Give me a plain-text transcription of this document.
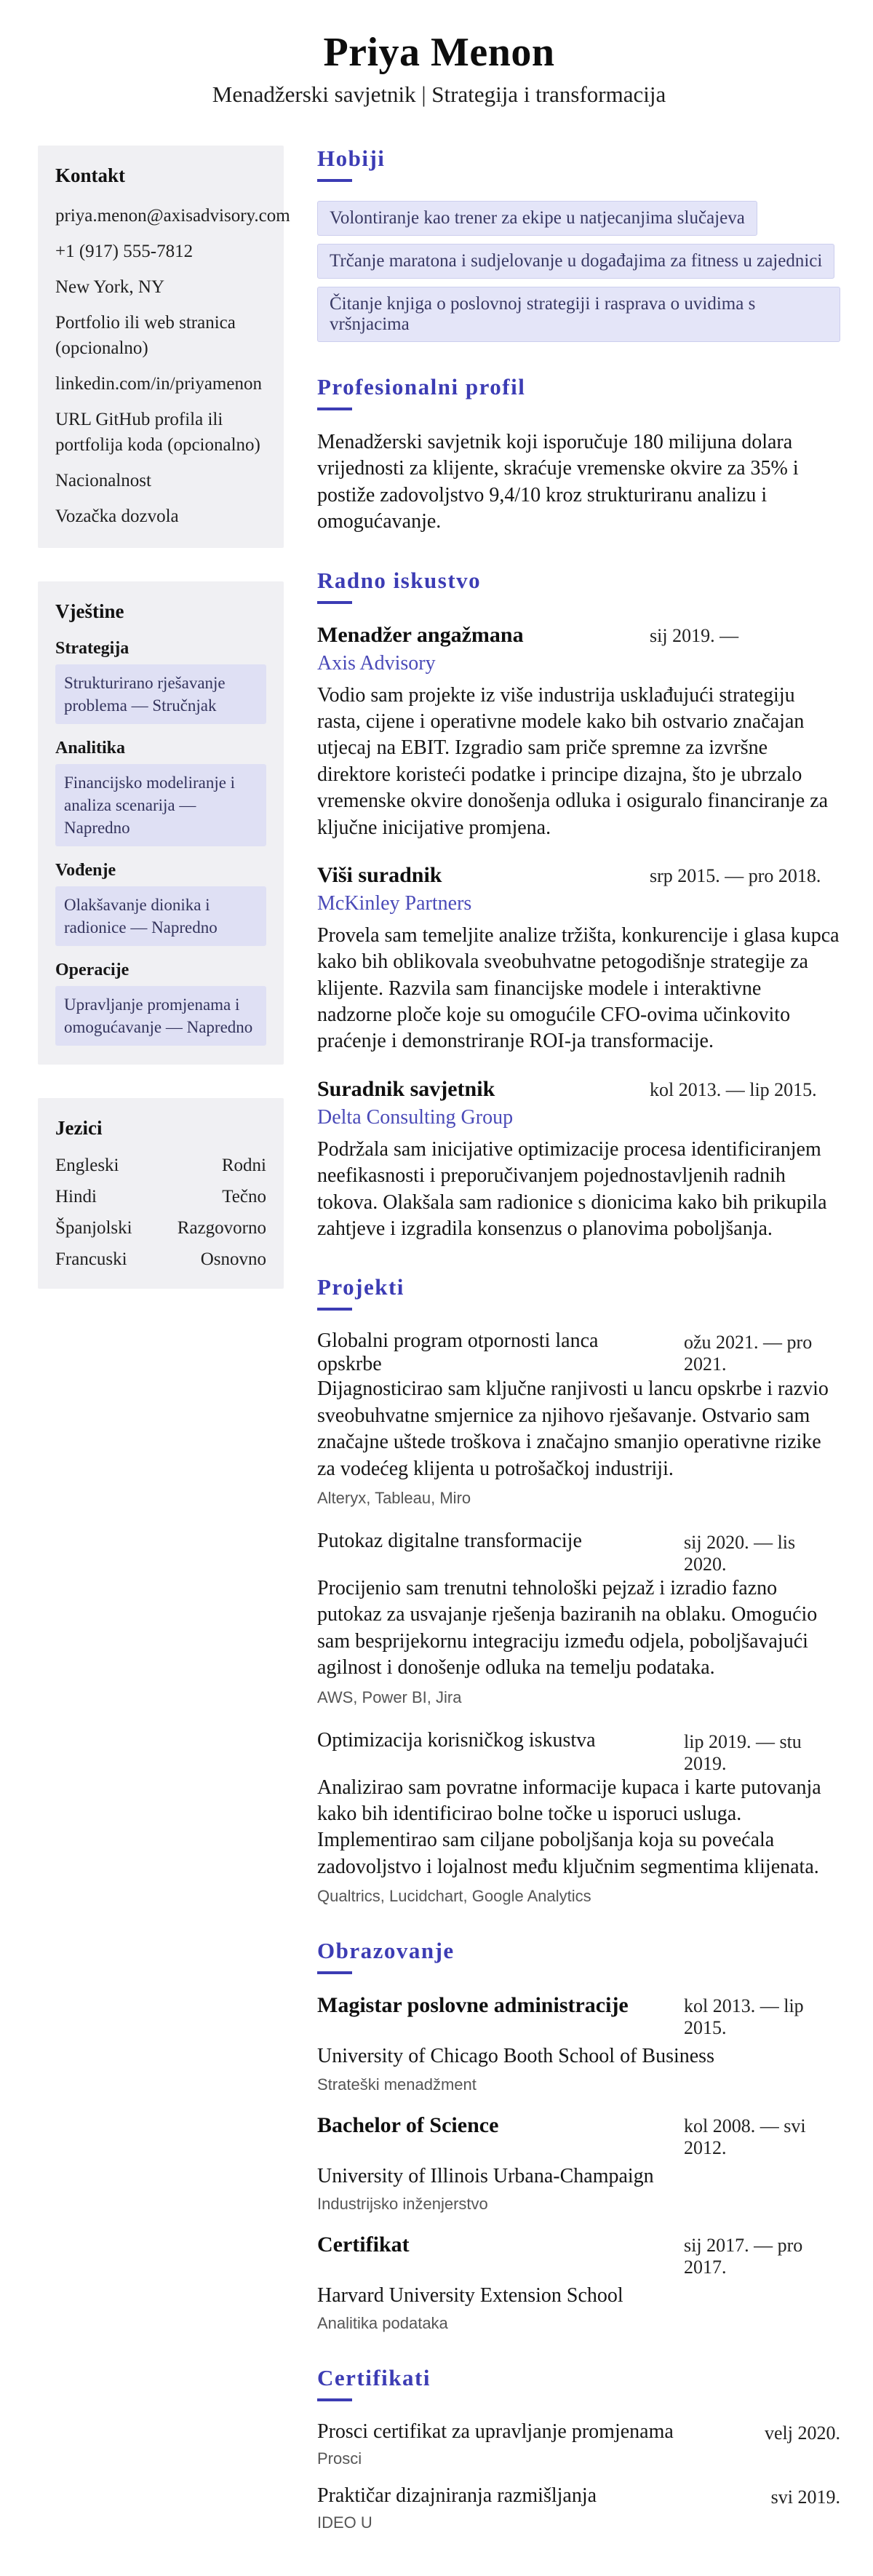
Priya Menon
Menadžerski savjetnik | Strategija i transformacija
Kontakt
priya.menon@axisadvisory.com
+1 (917) 555-7812
New York, NY
Portfolio ili web stranica (opcionalno)
linkedin.com/in/priyamenon
URL GitHub profila ili portfolija koda (opcionalno)
Nacionalnost
Vozačka dozvola
Vještine
Strategija
Strukturirano rješavanje problema — Stručnjak
Analitika
Financijsko modeliranje i analiza scenarija — Napredno
Vođenje
Olakšavanje dionika i radionice — Napredno
Operacije
Upravljanje promjenama i omogućavanje — Napredno
Jezici
Engleski	Rodni
Hindi	Tečno
Španjolski Razgovorno
Francuski	Osnovno
Hobiji
Volontiranje kao trener za ekipe u natjecanjima slučajeva
Trčanje maratona i sudjelovanje u događajima za fitness u zajednici
Čitanje knjiga o poslovnoj strategiji i rasprava o uvidima s vršnjacima
Profesionalni profil

Menadžerski savjetnik koji isporučuje 180 milijuna dolara vrijednosti za klijente, skraćuje vremenske okvire za 35% i postiže zadovoljstvo 9,4/10 kroz strukturiranu analizu i omogućavanje.

Radno iskustvo
Menadžer angažmana	sij 2019. —
Axis Advisory

Vodio sam projekte iz više industrija usklađujući strategiju rasta, cijene i operativne modele kako bih ostvario značajan utjecaj na EBIT. Izgradio sam priče spremne za izvršne direktore koristeći podatke i principe dizajna, što je ubrzalo vremenske okvire donošenja odluka i osiguralo financiranje za ključne inicijative promjena.

Viši suradnik	srp 2015. — pro 2018.
McKinley Partners

Provela sam temeljite analize tržišta, konkurencije i glasa kupca kako bih oblikovala sveobuhvatne petogodišnje strategije za klijente. Razvila sam financijske modele i interaktivne nadzorne ploče koje su omogućile CFO-ovima učinkovito praćenje i demonstriranje ROI-ja transformacije.

Suradnik savjetnik	kol 2013. — lip 2015.
Delta Consulting Group

Podržala sam inicijative optimizacije procesa identificiranjem neefikasnosti i preporučivanjem pojednostavljenih radnih tokova. Olakšala sam radionice s dionicima kako bih prikupila zahtjeve i izgradila konsenzus o planovima poboljšanja.

Projekti

Globalni program otpornosti lanca opskrbe

ožu 2021. — pro 2021.

Dijagnosticirao sam ključne ranjivosti u lancu opskrbe i razvio sveobuhvatne smjernice za njihovo rješavanje. Ostvario sam značajne uštede troškova i značajno smanjio operativne rizike za vodećeg klijenta u potrošačkoj industriji.

Alteryx, Tableau, Miro

Putokaz digitalne transformacije	sij 2020. — lis 2020.

Procijenio sam trenutni tehnološki pejzaž i izradio fazno putokaz za usvajanje rješenja baziranih na oblaku. Omogućio sam besprijekornu integraciju između odjela, poboljšavajući agilnost i donošenje odluka na temelju podataka.

AWS, Power BI, Jira

Optimizacija korisničkog iskustva	lip 2019. — stu 2019.

Analizirao sam povratne informacije kupaca i karte putovanja kako bih identificirao bolne točke u isporuci usluga. Implementirao sam ciljane poboljšanja koja su povećala zadovoljstvo i lojalnost među ključnim segmentima klijenata.

Qualtrics, Lucidchart, Google Analytics
Obrazovanje
Magistar poslovne administracije	kol 2013. — lip 2015.
University of Chicago Booth School of Business
Strateški menadžment
Bachelor of Science	kol 2008. — svi 2012.
University of Illinois Urbana-Champaign
Industrijsko inženjerstvo
Certifikat	sij 2017. — pro 2017.
Harvard University Extension School
Analitika podataka
Certifikati

Prosci certifikat za upravljanje promjenama	velj 2020.
Prosci

Praktičar dizajniranja razmišljanja	svi 2019.
IDEO U
